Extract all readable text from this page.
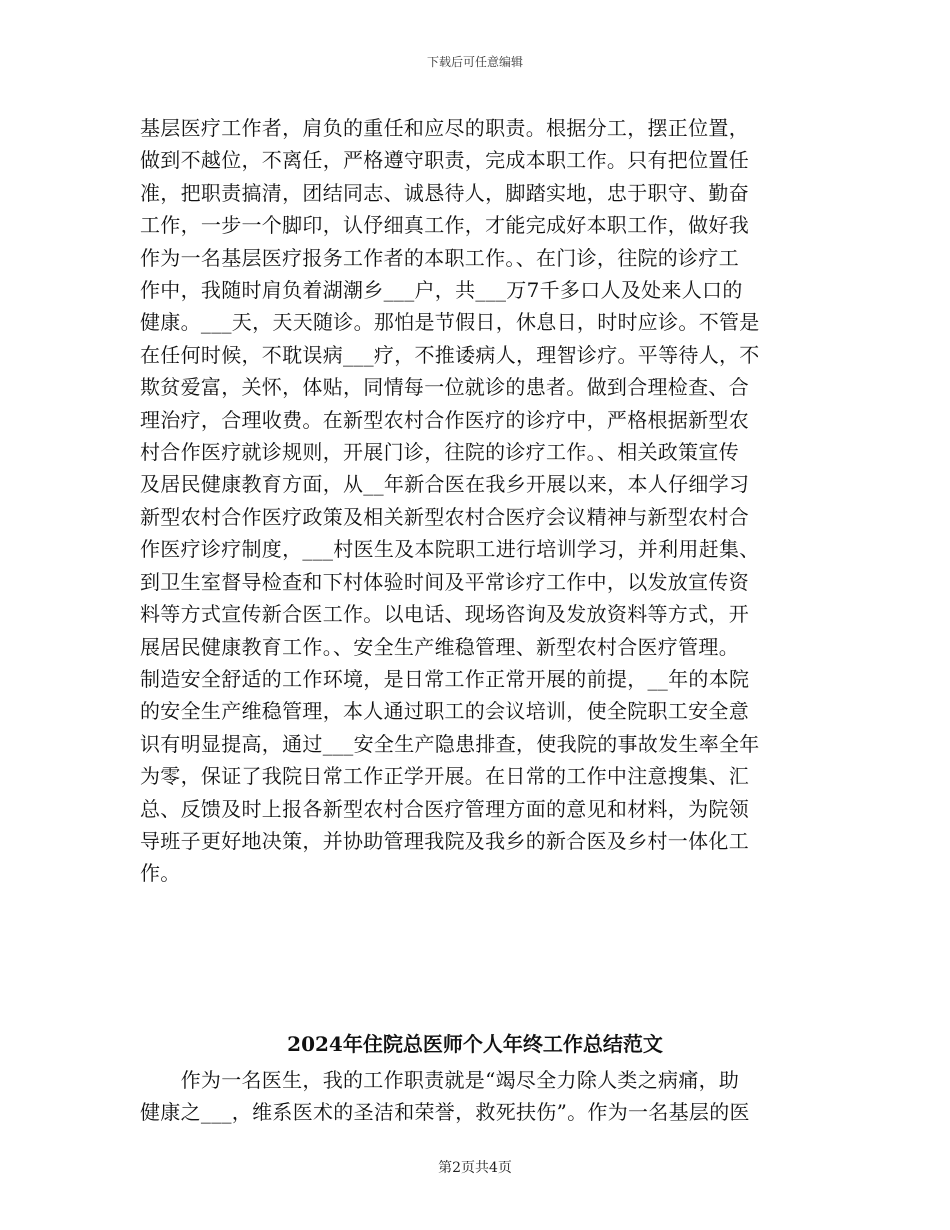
下载后可任意编辑
基层医疗工作者，肩负的重任和应尽的职责。根据分工，摆正位置，
做到不越位，不离任，严格遵守职责，完成本职工作。只有把位置任
准，把职责搞清，团结同志、诚恳待人，脚踏实地，忠于职守、勤奋
工作，一步一个脚印，认伃细真工作，才能完成好本职工作，做好我
作为一名基层医疗报务工作者的本职工作。、在门诊，往院的诊疗工
作中，我随时肩负着湖潮乡___户，共___万7千多口人及处来人口的
健康。___天，天天随诊。那怕是节假日，休息日，时时应诊。不管是
在任何时候，不耽误病___疗，不推诿病人，理智诊疗。平等待人，不
欺贫爱富，关怀，体贴，同情每一位就诊的患者。做到合理检查、合
理治疗，合理收费。在新型农村合作医疗的诊疗中，严格根据新型农
村合作医疗就诊规则，开展门诊，往院的诊疗工作。、相关政策宣传
及居民健康教育方面，从__年新合医在我乡开展以来，本人仔细学习
新型农村合作医疗政策及相关新型农村合医疗会议精神与新型农村合
作医疗诊疗制度，___村医生及本院职工进行培训学习，并利用赶集、
到卫生室督导检查和下村体验时间及平常诊疗工作中，以发放宣传资
料等方式宣传新合医工作。以电话、现场咨询及发放资料等方式，开
展居民健康教育工作。、安全生产维稳管理、新型农村合医疗管理。
制造安全舒适的工作环境，是日常工作正常开展的前提，__年的本院
的安全生产维稳管理，本人通过职工的会议培训，使全院职工安全意
识有明显提高，通过___安全生产隐患排查，使我院的事故发生率全年
为零，保证了我院日常工作正学开展。在日常的工作中注意搜集、汇
总、反馈及时上报各新型农村合医疗管理方面的意见和材料，为院领
导班子更好地决策，并协助管理我院及我乡的新合医及乡村一体化工
作。
2024年住院总医师个人年终工作总结范文
　　作为一名医生，我的工作职责就是“竭尽全力除人类之病痛，助
健康之___，维系医术的圣洁和荣誉，救死扶伤”。作为一名基层的医
第2页共4页
